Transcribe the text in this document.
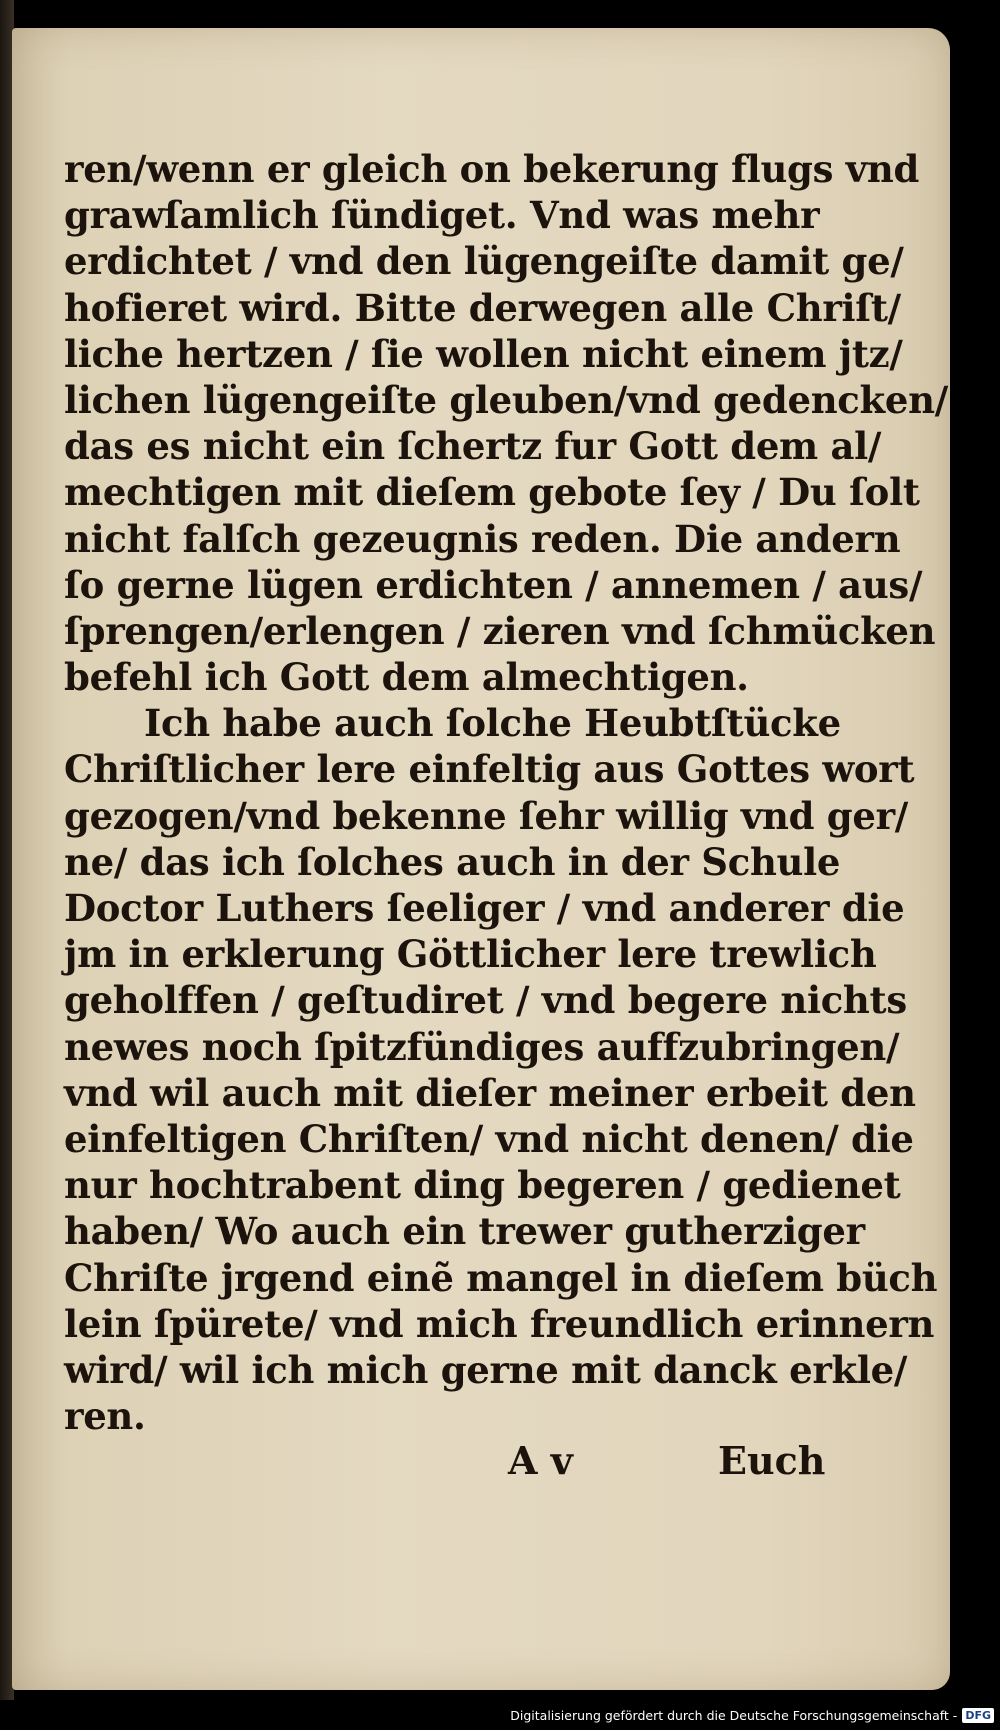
ren/wenn er gleich on bekerung flugs vnd
grawſamlich ſündiget. Vnd was mehr
erdichtet / vnd den lügengeiſte damit ge/
hofieret wird. Bitte derwegen alle Chriſt/
liche hertzen / ſie wollen nicht einem jtz/
lichen lügengeiſte gleuben/vnd gedencken/
das es nicht ein ſchertz fur Gott dem al/
mechtigen mit dieſem gebote ſey / Du ſolt
nicht falſch gezeugnis reden. Die andern
ſo gerne lügen erdichten / annemen / aus/
ſprengen/erlengen / zieren vnd ſchmücken
befehl ich Gott dem almechtigen.
Ich habe auch ſolche Heubtſtücke
Chriſtlicher lere einfeltig aus Gottes wort
gezogen/vnd bekenne ſehr willig vnd ger/
ne/ das ich ſolches auch in der Schule
Doctor Luthers ſeeliger / vnd anderer die
jm in erklerung Göttlicher lere trewlich
geholffen / geſtudiret / vnd begere nichts
newes noch ſpitzfündiges auffzubringen/
vnd wil auch mit dieſer meiner erbeit den
einfeltigen Chriſten/ vnd nicht denen/ die
nur hochtrabent ding begeren / gedienet
haben/ Wo auch ein trewer gutherziger
Chriſte jrgend einẽ mangel in dieſem büch
lein ſpürete/ vnd mich freundlich erinnern
wird/ wil ich mich gerne mit danck erkle/
ren.
A v	Euch
Digitalisierung gefördert durch die Deutsche Forschungsgemeinschaft - DFG
